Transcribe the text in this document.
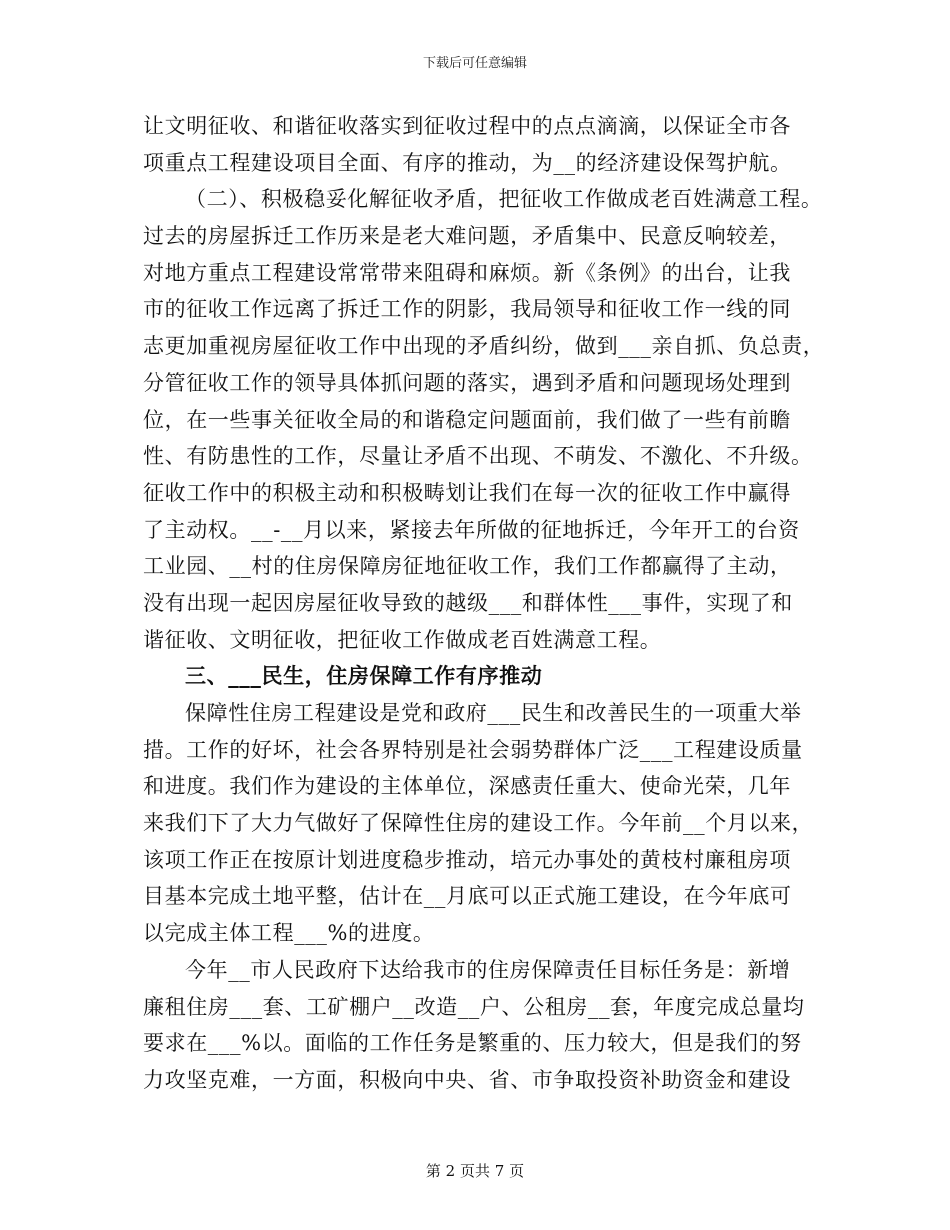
下载后可任意编辑
让文明征收、和谐征收落实到征收过程中的点点滴滴，以保证全市各
项重点工程建设项目全面、有序的推动，为__的经济建设保驾护航。
（二）、积极稳妥化解征收矛盾，把征收工作做成老百姓满意工程。
过去的房屋拆迁工作历来是老大难问题，矛盾集中、民意反响较差，
对地方重点工程建设常常带来阻碍和麻烦。新《条例》的出台，让我
市的征收工作远离了拆迁工作的阴影，我局领导和征收工作一线的同
志更加重视房屋征收工作中出现的矛盾纠纷，做到___亲自抓、负总责，
分管征收工作的领导具体抓问题的落实，遇到矛盾和问题现场处理到
位，在一些事关征收全局的和谐稳定问题面前，我们做了一些有前瞻
性、有防患性的工作，尽量让矛盾不出现、不萌发、不激化、不升级。
征收工作中的积极主动和积极畴划让我们在每一次的征收工作中赢得
了主动权。__-__月以来，紧接去年所做的征地拆迁，今年开工的台资
工业园、__村的住房保障房征地征收工作，我们工作都赢得了主动，
没有出现一起因房屋征收导致的越级___和群体性___事件，实现了和
谐征收、文明征收，把征收工作做成老百姓满意工程。
三、___民生，住房保障工作有序推动
保障性住房工程建设是党和政府___民生和改善民生的一项重大举
措。工作的好坏，社会各界特别是社会弱势群体广泛___工程建设质量
和进度。我们作为建设的主体单位，深感责任重大、使命光荣，几年
来我们下了大力气做好了保障性住房的建设工作。今年前__个月以来，
该项工作正在按原计划进度稳步推动，培元办事处的黄枝村廉租房项
目基本完成土地平整，估计在__月底可以正式施工建设，在今年底可
以完成主体工程___%的进度。
今年__市人民政府下达给我市的住房保障责任目标任务是：新增
廉租住房___套、工矿棚户__改造__户、公租房__套，年度完成总量均
要求在___%以。面临的工作任务是繁重的、压力较大，但是我们的努
力攻坚克难，一方面，积极向中央、省、市争取投资补助资金和建设
第 2 页共 7 页
